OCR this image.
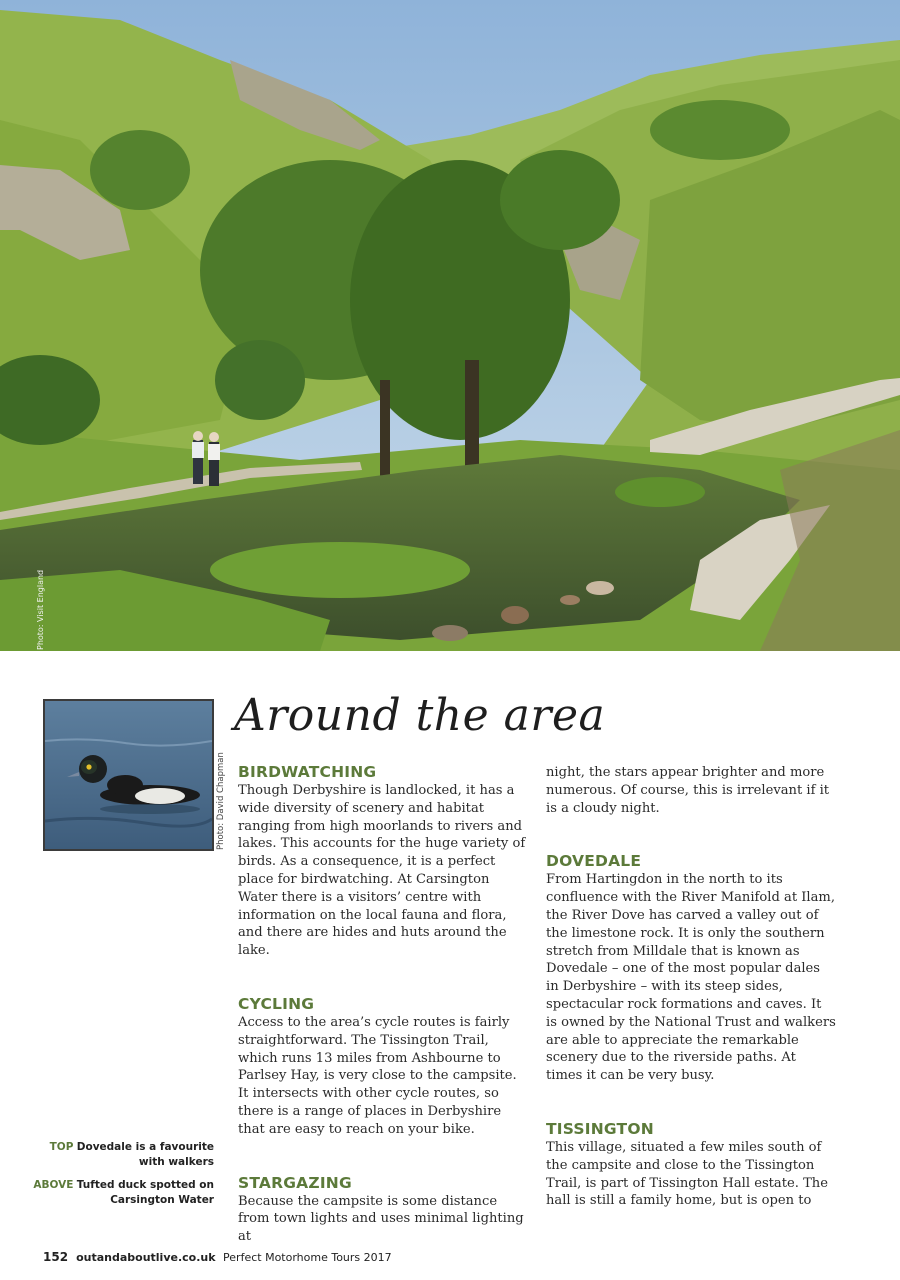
Photo: Visit England
Photo: David Chapman
Around the area
BIRDWATCHING

Though Derbyshire is landlocked, it has a wide diversity of scenery and habitat ranging from high moorlands to rivers and lakes. This accounts for the huge variety of birds. As a consequence, it is a perfect place for birdwatching. At Carsington Water there is a visitors’ centre with information on the local fauna and flora, and there are hides and huts around the lake.

CYCLING

Access to the area’s cycle routes is fairly straightforward. The Tissington Trail, which runs 13 miles from Ashbourne to Parlsey Hay, is very close to the campsite. It intersects with other cycle routes, so there is a range of places in Derbyshire that are easy to reach on your bike.

STARGAZING

Because the campsite is some distance from town lights and uses minimal lighting at

night, the stars appear brighter and more numerous. Of course, this is irrelevant if it is a cloudy night.

DOVEDALE

From Hartingdon in the north to its confluence with the River Manifold at Ilam, the River Dove has carved a valley out of the limestone rock. It is only the southern stretch from Milldale that is known as Dovedale – one of the most popular dales in Derbyshire – with its steep sides, spectacular rock formations and caves. It is owned by the National Trust and walkers are able to appreciate the remarkable scenery due to the riverside paths. At times it can be very busy.

TISSINGTON

This village, situated a few miles south of the campsite and close to the Tissington Trail, is part of Tissington Hall estate. The hall is still a family home, but is open to

TOP Dovedale is a favourite with walkers
ABOVE Tufted duck spotted on Carsington Water
152 outandaboutlive.co.uk Perfect Motorhome Tours 2017
